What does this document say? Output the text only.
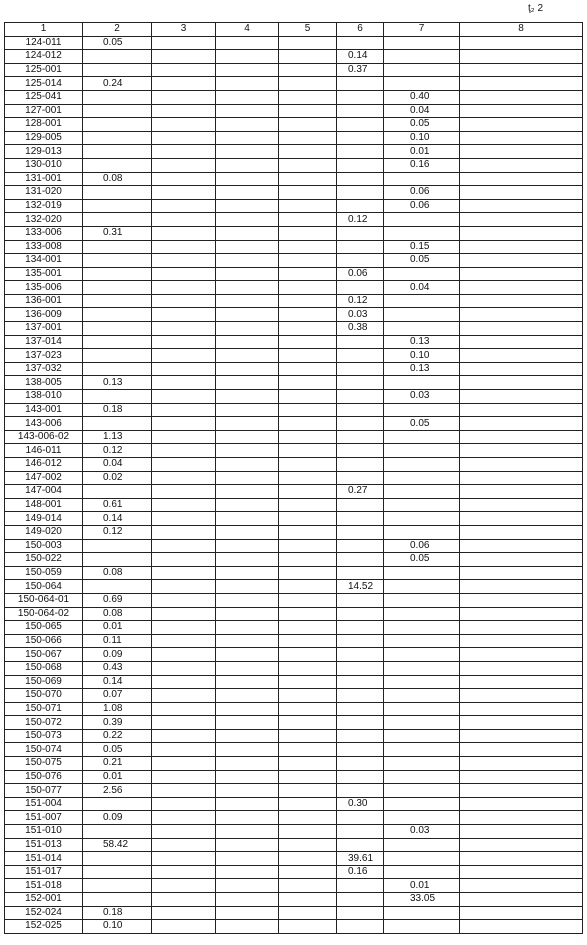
ţ₂ 2
1	2	3	4	5	6	7	8
124-011	0.05						
124-012					0.14		
125-001					0.37		
125-014	0.24						
125-041						0.40	
127-001						0.04	
128-001						0.05	
129-005						0.10	
129-013						0.01	
130-010						0.16	
131-001	0.08						
131-020						0.06	
132-019						0.06	
132-020					0.12		
133-006	0.31						
133-008						0.15	
134-001						0.05	
135-001					0.06		
135-006						0.04	
136-001					0.12		
136-009					0.03		
137-001					0.38		
137-014						0.13	
137-023						0.10	
137-032						0.13	
138-005	0.13						
138-010						0.03	
143-001	0.18						
143-006						0.05	
143-006-02	1.13						
146-011	0.12						
146-012	0.04						
147-002	0.02						
147-004					0.27		
148-001	0.61						
149-014	0.14						
149-020	0.12						
150-003						0.06	
150-022						0.05	
150-059	0.08						
150-064					14.52		
150-064-01	0.69						
150-064-02	0.08						
150-065	0.01						
150-066	0.11						
150-067	0.09						
150-068	0.43						
150-069	0.14						
150-070	0.07						
150-071	1.08						
150-072	0.39						
150-073	0.22						
150-074	0.05						
150-075	0.21						
150-076	0.01						
150-077	2.56						
151-004					0.30		
151-007	0.09						
151-010						0.03	
151-013	58.42						
151-014					39.61		
151-017					0.16		
151-018						0.01	
152-001						33.05	
152-024	0.18						
152-025	0.10						
